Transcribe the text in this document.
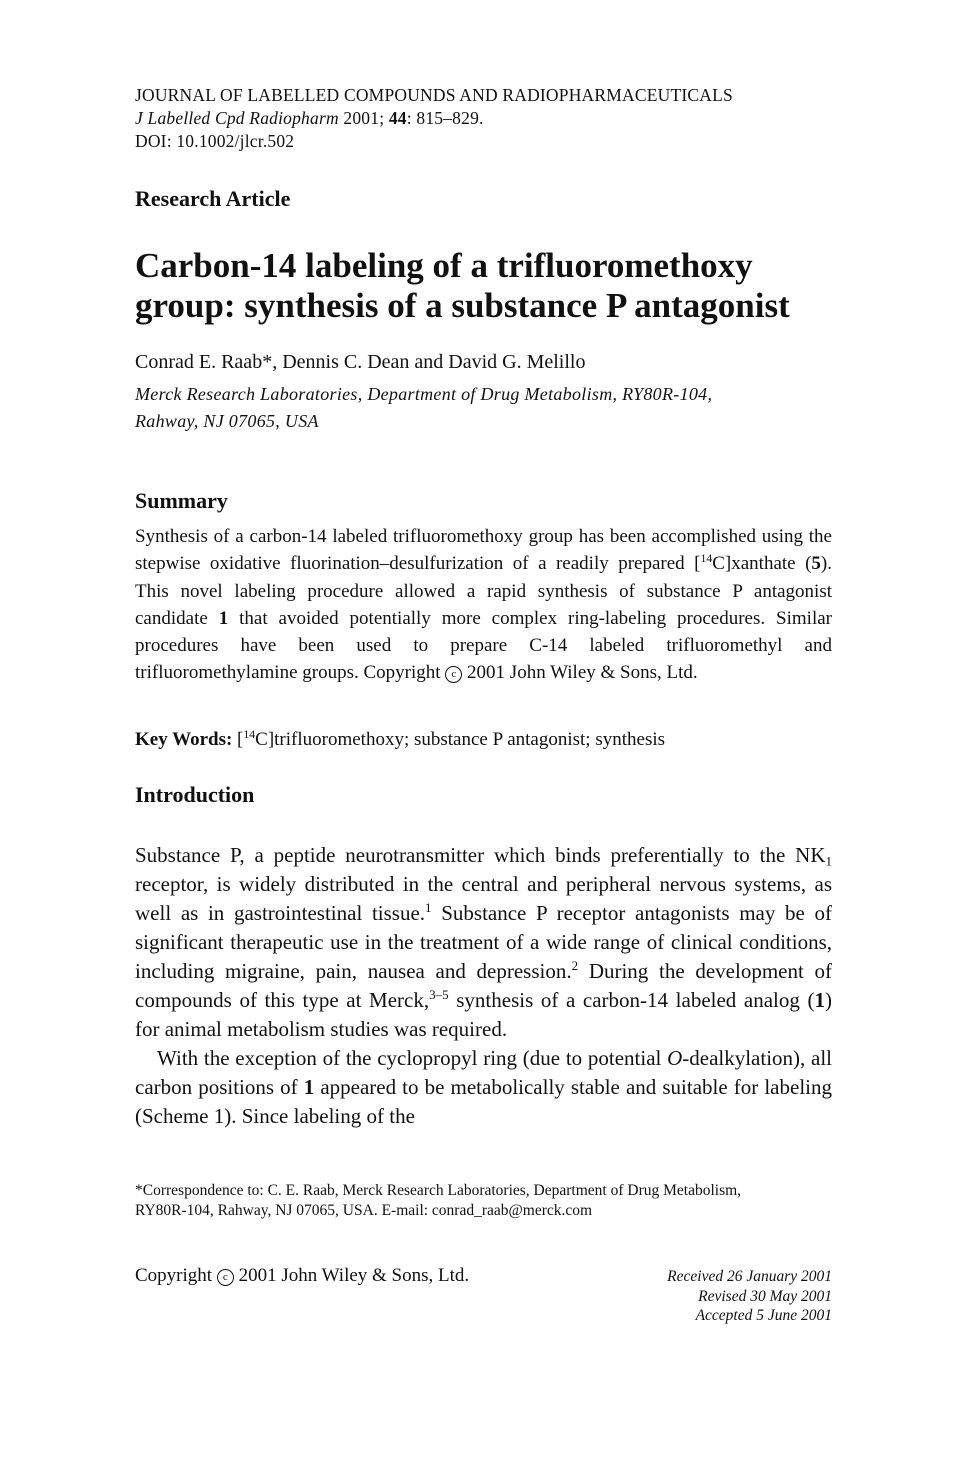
JOURNAL OF LABELLED COMPOUNDS AND RADIOPHARMACEUTICALS
J Labelled Cpd Radiopharm 2001; 44: 815–829.
DOI: 10.1002/jlcr.502
Research Article
Carbon-14 labeling of a trifluoromethoxy group: synthesis of a substance P antagonist
Conrad E. Raab*, Dennis C. Dean and David G. Melillo
Merck Research Laboratories, Department of Drug Metabolism, RY80R-104,
Rahway, NJ 07065, USA
Summary
Synthesis of a carbon-14 labeled trifluoromethoxy group has been accomplished using the stepwise oxidative fluorination–desulfurization of a readily prepared [$^{14}$C]xanthate (5). This novel labeling procedure allowed a rapid synthesis of substance P antagonist candidate 1 that avoided potentially more complex ring-labeling procedures. Similar procedures have been used to prepare C-14 labeled trifluoromethyl and trifluoromethylamine groups. Copyright c 2001 John Wiley & Sons, Ltd.
Key Words: [$^{14}$C]trifluoromethoxy; substance P antagonist; synthesis
Introduction

Substance P, a peptide neurotransmitter which binds preferentially to the $NK_1$ receptor, is widely distributed in the central and peripheral nervous systems, as well as in gastrointestinal tissue.$^1$ Substance P receptor antagonists may be of significant therapeutic use in the treatment of a wide range of clinical conditions, including migraine, pain, nausea and depression.$^2$ During the development of compounds of this type at Merck,$^{3-5}$ synthesis of a carbon-14 labeled analog (1) for animal metabolism studies was required.

With the exception of the cyclopropyl ring (due to potential O-dealkylation), all carbon positions of 1 appeared to be metabolically stable and suitable for labeling (Scheme 1). Since labeling of the

*Correspondence to: C. E. Raab, Merck Research Laboratories, Department of Drug Metabolism,
RY80R-104, Rahway, NJ 07065, USA. E-mail: conrad_raab@merck.com
Copyright c 2001 John Wiley & Sons, Ltd.	Received 26 January 2001
Revised 30 May 2001
Accepted 5 June 2001
